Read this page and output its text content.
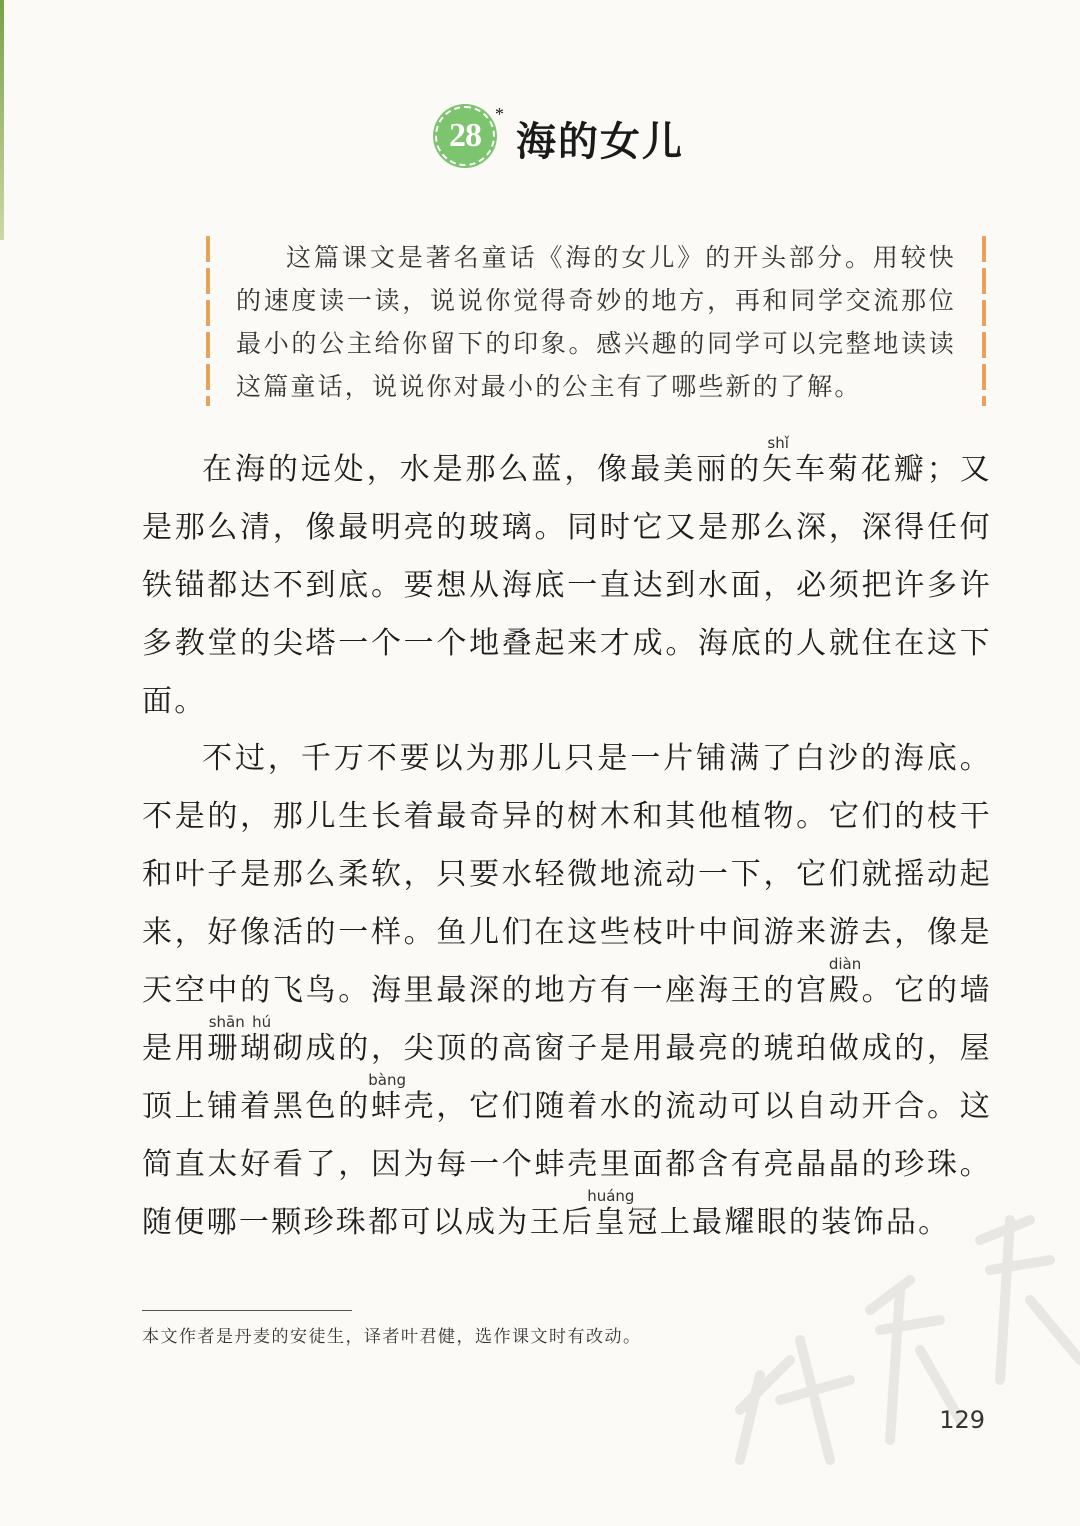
28
*
海的女儿
这篇课文是著名童话《海的女儿》的开头部分。用较快的速度读一读，说说你觉得奇妙的地方，再和同学交流那位最小的公主给你留下的印象。感兴趣的同学可以完整地读读这篇童话，说说你对最小的公主有了哪些新的了解。

在海的远处，水是那么蓝，像最美丽的矢shǐ车菊花瓣；又是那么清，像最明亮的玻璃。同时它又是那么深，深得任何铁锚都达不到底。要想从海底一直达到水面，必须把许多许多教堂的尖塔一个一个地叠起来才成。海底的人就住在这下面。

不过，千万不要以为那儿只是一片铺满了白沙的海底。不是的，那儿生长着最奇异的树木和其他植物。它们的枝干和叶子是那么柔软，只要水轻微地流动一下，它们就摇动起来，好像活的一样。鱼儿们在这些枝叶中间游来游去，像是天空中的飞鸟。海里最深的地方有一座海王的宫殿diàn。它的墙是用珊瑚shān hú砌成的，尖顶的高窗子是用最亮的琥珀做成的，屋顶上铺着黑色的蚌bàng壳，它们随着水的流动可以自动开合。这简直太好看了，因为每一个蚌壳里面都含有亮晶晶的珍珠。随便哪一颗珍珠都可以成为王后皇huáng冠上最耀眼的装饰品。

本文作者是丹麦的安徒生，译者叶君健，选作课文时有改动。
129
